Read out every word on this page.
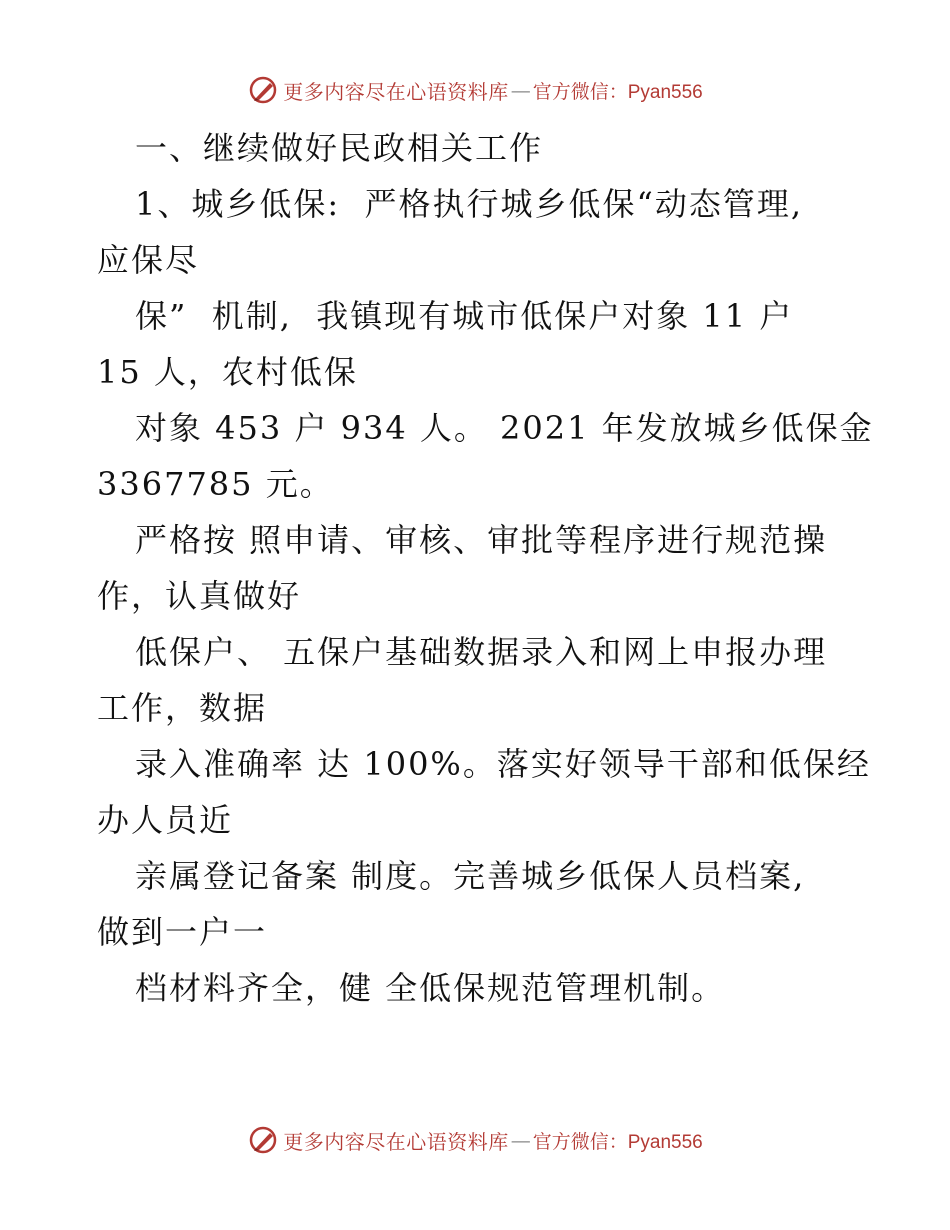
更多内容尽在心语资料库 — 官方微信：Pyan556
一、继续做好民政相关工作
1、城乡低保:  严格执行城乡低保“动态管理,
应保尽
保”  机制,  我镇现有城市低保户对象 11 户
15 人，农村低保
对象 453 户 934 人。 2021 年发放城乡低保金
3367785 元。
严格按 照申请、审核、审批等程序进行规范操
作，认真做好
低保户、 五保户基础数据录入和网上申报办理
工作，数据
录入准确率 达 100%。落实好领导干部和低保经
办人员近
亲属登记备案 制度。完善城乡低保人员档案,
做到一户一
档材料齐全，健 全低保规范管理机制。
更多内容尽在心语资料库 — 官方微信：Pyan556
